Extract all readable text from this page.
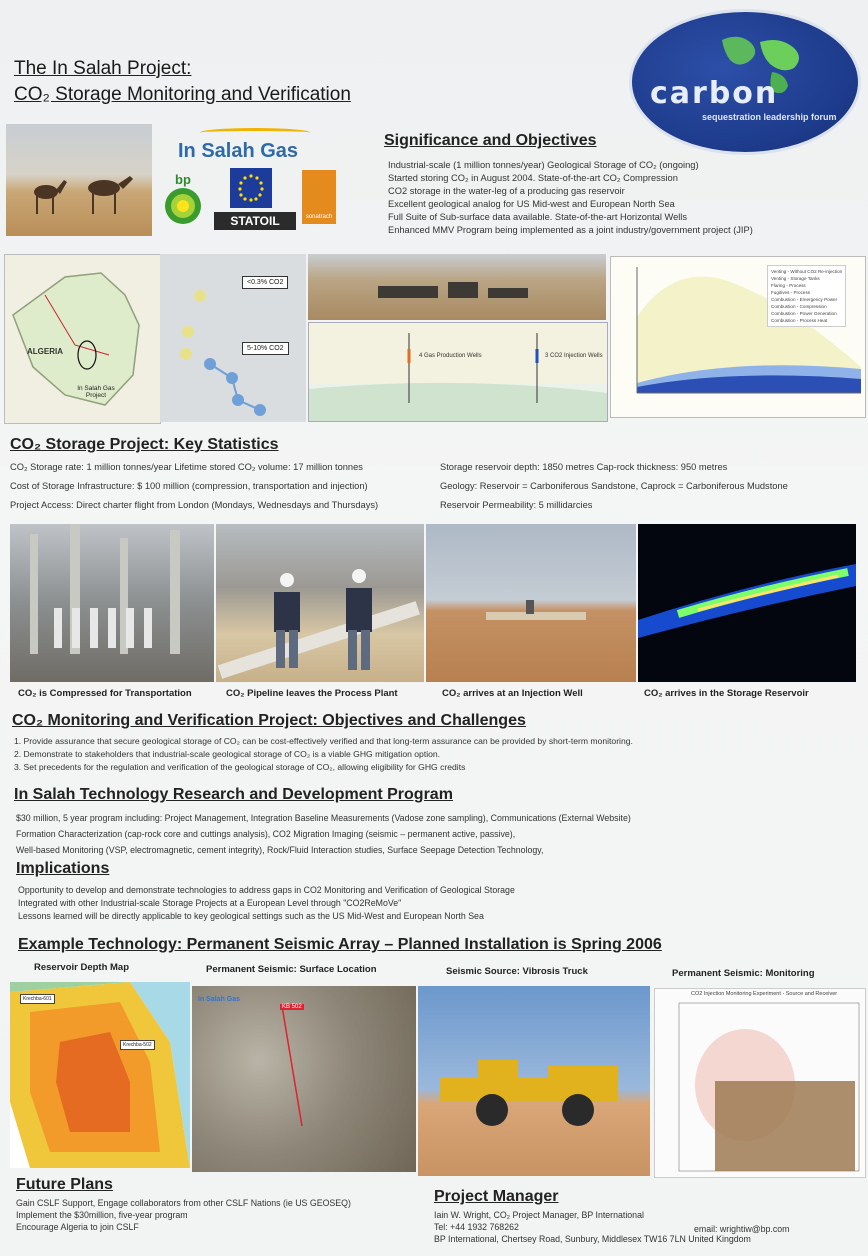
The In Salah Project:
CO₂ Storage Monitoring and Verification	carbon
sequestration leadership forum
In Salah Gas
bp
STATOIL	sonatrach
Significance and Objectives
Industrial-scale (1 million tonnes/year) Geological Storage of CO₂ (ongoing)
Started storing CO₂ in August 2004. State-of-the-art CO₂ Compression
CO2 storage in the water-leg of a producing gas reservoir
Excellent geological analog for US Mid-west and European North Sea
Full Suite of Sub-surface data available. State-of-the-art Horizontal Wells
Enhanced MMV Program being implemented as a joint industry/government project (JIP)
ALGERIA
In Salah Gas Project
<0.3% CO2
5-10% CO2
4 Gas Production Wells	3 CO2 Injection Wells
Venting - Without CO2 Re-injection
Venting - Storage Tanks
Flaring - Process
Fugitives - Process
Combustion - Emergency Power
Combustion - Compression
Combustion - Power Generation
Combustion - Process Heat
CO₂ Storage Project: Key Statistics
CO₂ Storage rate: 1 million tonnes/year Lifetime stored CO₂ volume: 17 million tonnes
Cost of Storage Infrastructure: $ 100 million (compression, transportation and injection)
Project Access: Direct charter flight from London (Mondays, Wednesdays and Thursdays)
Storage reservoir depth: 1850 metres Cap-rock thickness: 950 metres
Geology: Reservoir = Carboniferous Sandstone, Caprock = Carboniferous Mudstone
Reservoir Permeability: 5 millidarcies
CO₂ is Compressed for Transportation	CO₂ Pipeline leaves the Process Plant	CO₂ arrives at an Injection Well	CO₂ arrives in the Storage Reservoir
CO₂ Monitoring and Verification Project: Objectives and Challenges
1. Provide assurance that secure geological storage of CO₂ can be cost-effectively verified and that long-term assurance can be provided by short-term monitoring.
2. Demonstrate to stakeholders that industrial-scale geological storage of CO₂ is a viable GHG mitigation option.
3. Set precedents for the regulation and verification of the geological storage of CO₂, allowing eligibility for GHG credits
In Salah Technology Research and Development Program
$30 million, 5 year program including: Project Management, Integration Baseline Measurements (Vadose zone sampling), Communications (External Website)
Formation Characterization (cap-rock core and cuttings analysis), CO2 Migration Imaging (seismic – permanent active, passive),
Well-based Monitoring (VSP, electromagnetic, cement integrity), Rock/Fluid Interaction studies, Surface Seepage Detection Technology,
Implications
Opportunity to develop and demonstrate technologies to address gaps in CO2 Monitoring and Verification of Geological Storage
Integrated with other Industrial-scale Storage Projects at a European Level through "CO2ReMoVe"
Lessons learned will be directly applicable to key geological settings such as the US Mid-West and European North Sea
Example Technology: Permanent Seismic Array – Planned Installation is Spring 2006
Reservoir Depth Map	Permanent Seismic: Surface Location	Seismic Source: Vibrosis Truck	Permanent Seismic: Monitoring
Krechba-601
Krechba-502
In Salah Gas
KB 502
CO2 Injection Monitoring Experiment - Source and Receiver
Future Plans
Gain CSLF Support, Engage collaborators from other CSLF Nations (ie US GEOSEQ)
Implement the $30million, five-year program
Encourage Algeria to join CSLF
Project Manager
Iain W. Wright, CO₂ Project Manager, BP International
Tel: +44 1932 768262
BP International, Chertsey Road, Sunbury, Middlesex TW16 7LN United Kingdom
email: wrightiw@bp.com
